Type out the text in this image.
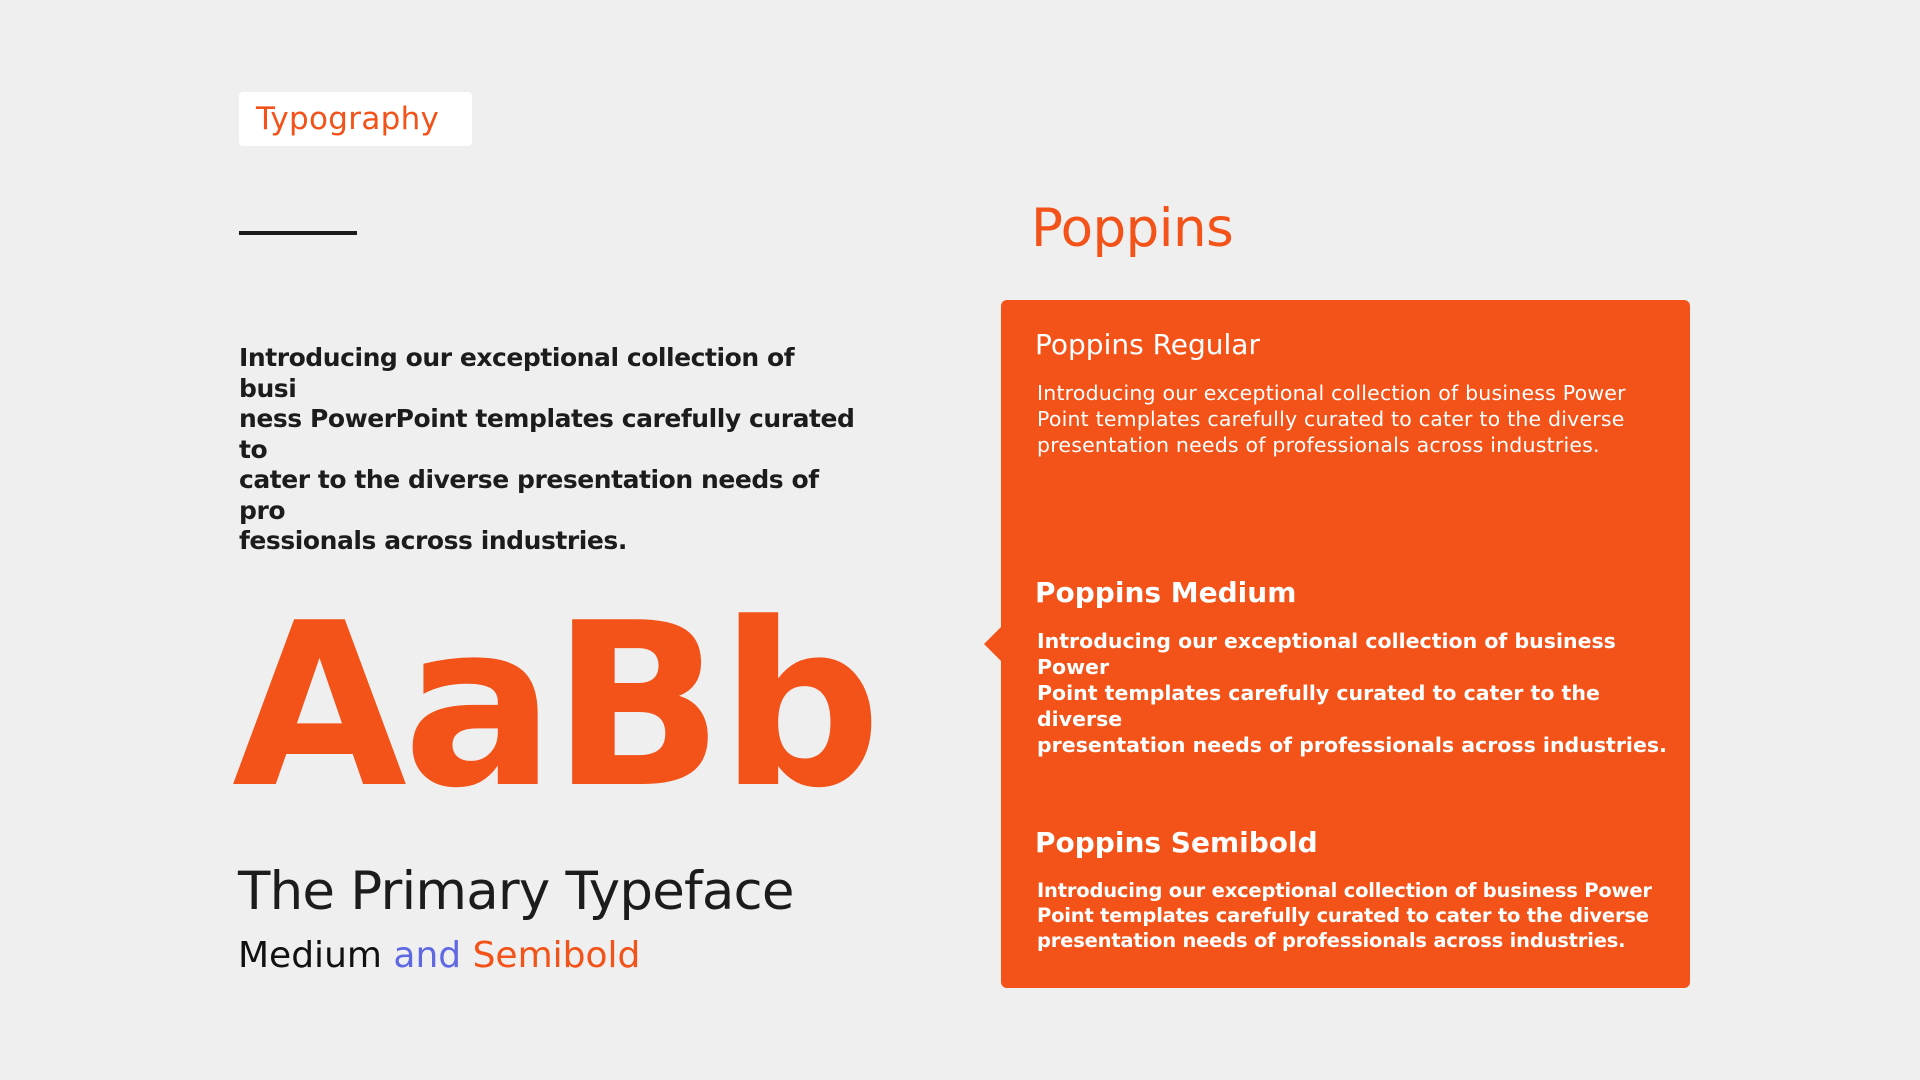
Typography

Introducing our exceptional collection of busi
ness PowerPoint templates carefully curated to
cater to the diverse presentation needs of pro
fessionals across industries.

AaBb

The Primary Typeface

Medium and Semibold

Poppins

Poppins Regular

Introducing our exceptional collection of business Power
Point templates carefully curated to cater to the diverse
presentation needs of professionals across industries.

Poppins Medium

Introducing our exceptional collection of business Power
Point templates carefully curated to cater to the diverse
presentation needs of professionals across industries.

Poppins Semibold

Introducing our exceptional collection of business Power
Point templates carefully curated to cater to the diverse
presentation needs of professionals across industries.
